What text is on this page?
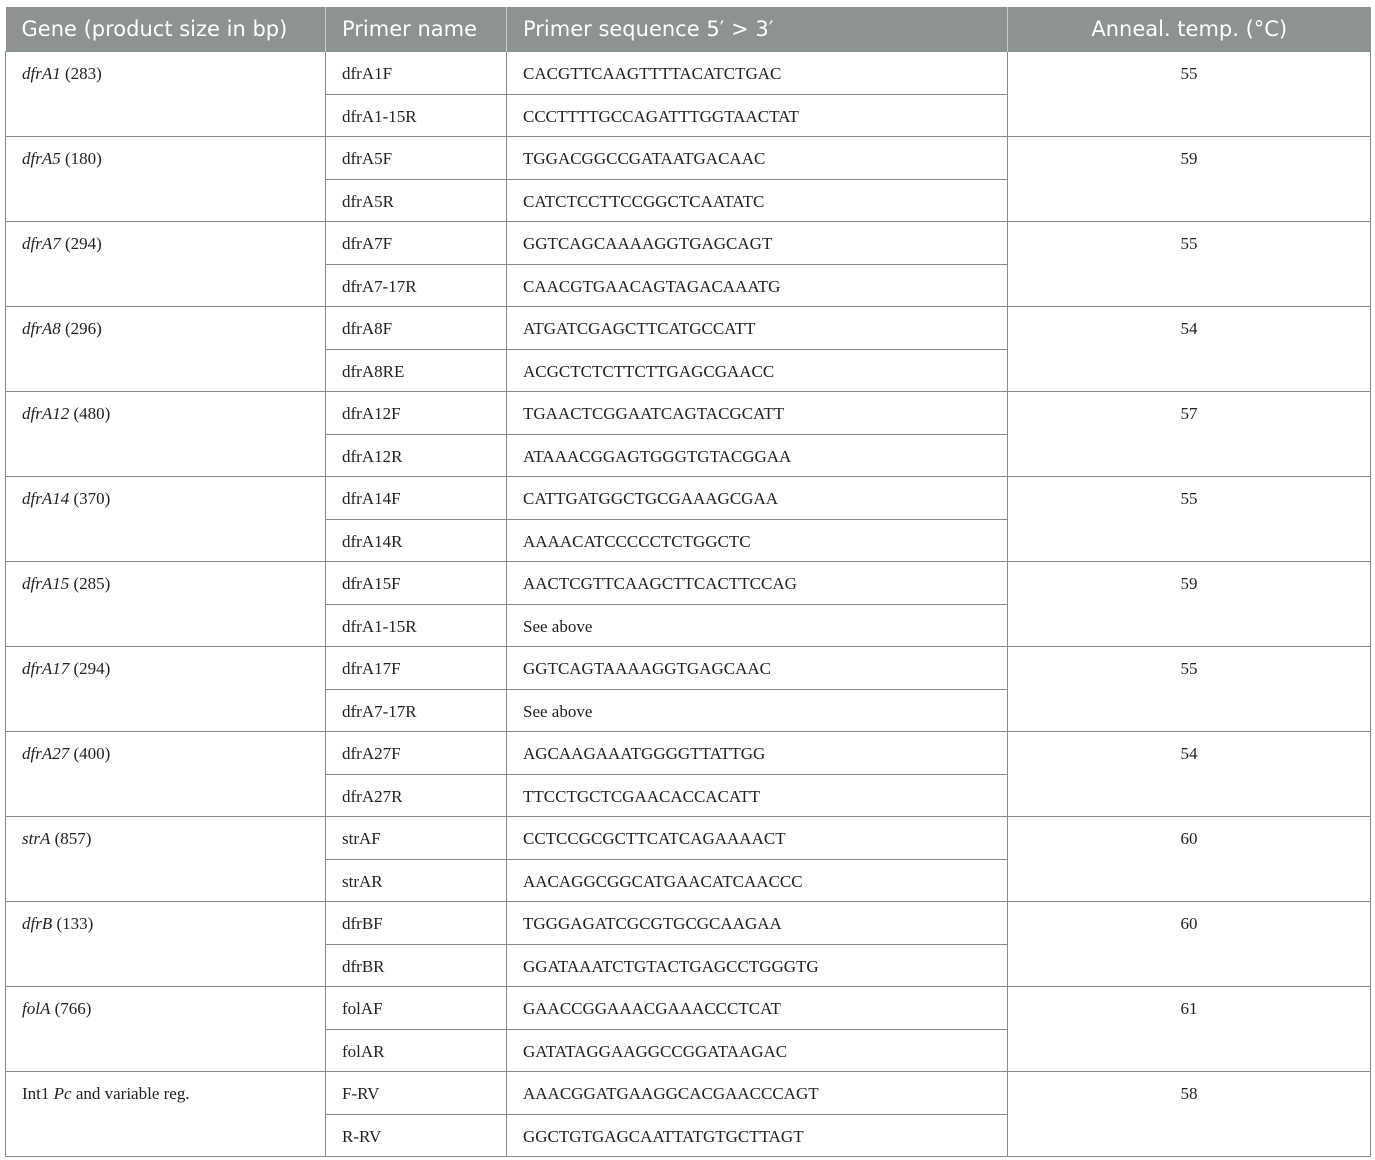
Gene (product size in bp)	Primer name	Primer sequence 5′ > 3′	Anneal. temp. (°C)
dfrA1 (283)	dfrA1F	CACGTTCAAGTTTTACATCTGAC	55
	dfrA1-15R	CCCTTTTGCCAGATTTGGTAACTAT	
dfrA5 (180)	dfrA5F	TGGACGGCCGATAATGACAAC	59
	dfrA5R	CATCTCCTTCCGGCTCAATATC	
dfrA7 (294)	dfrA7F	GGTCAGCAAAAGGTGAGCAGT	55
	dfrA7-17R	CAACGTGAACAGTAGACAAATG	
dfrA8 (296)	dfrA8F	ATGATCGAGCTTCATGCCATT	54
	dfrA8RE	ACGCTCTCTTCTTGAGCGAACC	
dfrA12 (480)	dfrA12F	TGAACTCGGAATCAGTACGCATT	57
	dfrA12R	ATAAACGGAGTGGGTGTACGGAA	
dfrA14 (370)	dfrA14F	CATTGATGGCTGCGAAAGCGAA	55
	dfrA14R	AAAACATCCCCCTCTGGCTC	
dfrA15 (285)	dfrA15F	AACTCGTTCAAGCTTCACTTCCAG	59
	dfrA1-15R	See above	
dfrA17 (294)	dfrA17F	GGTCAGTAAAAGGTGAGCAAC	55
	dfrA7-17R	See above	
dfrA27 (400)	dfrA27F	AGCAAGAAATGGGGTTATTGG	54
	dfrA27R	TTCCTGCTCGAACACCACATT	
strA (857)	strAF	CCTCCGCGCTTCATCAGAAAACT	60
	strAR	AACAGGCGGCATGAACATCAACCC	
dfrB (133)	dfrBF	TGGGAGATCGCGTGCGCAAGAA	60
	dfrBR	GGATAAATCTGTACTGAGCCTGGGTG	
folA (766)	folAF	GAACCGGAAACGAAACCCTCAT	61
	folAR	GATATAGGAAGGCCGGATAAGAC	
Int1 Pc and variable reg.	F-RV	AAACGGATGAAGGCACGAACCCAGT	58
	R-RV	GGCTGTGAGCAATTATGTGCTTAGT	
